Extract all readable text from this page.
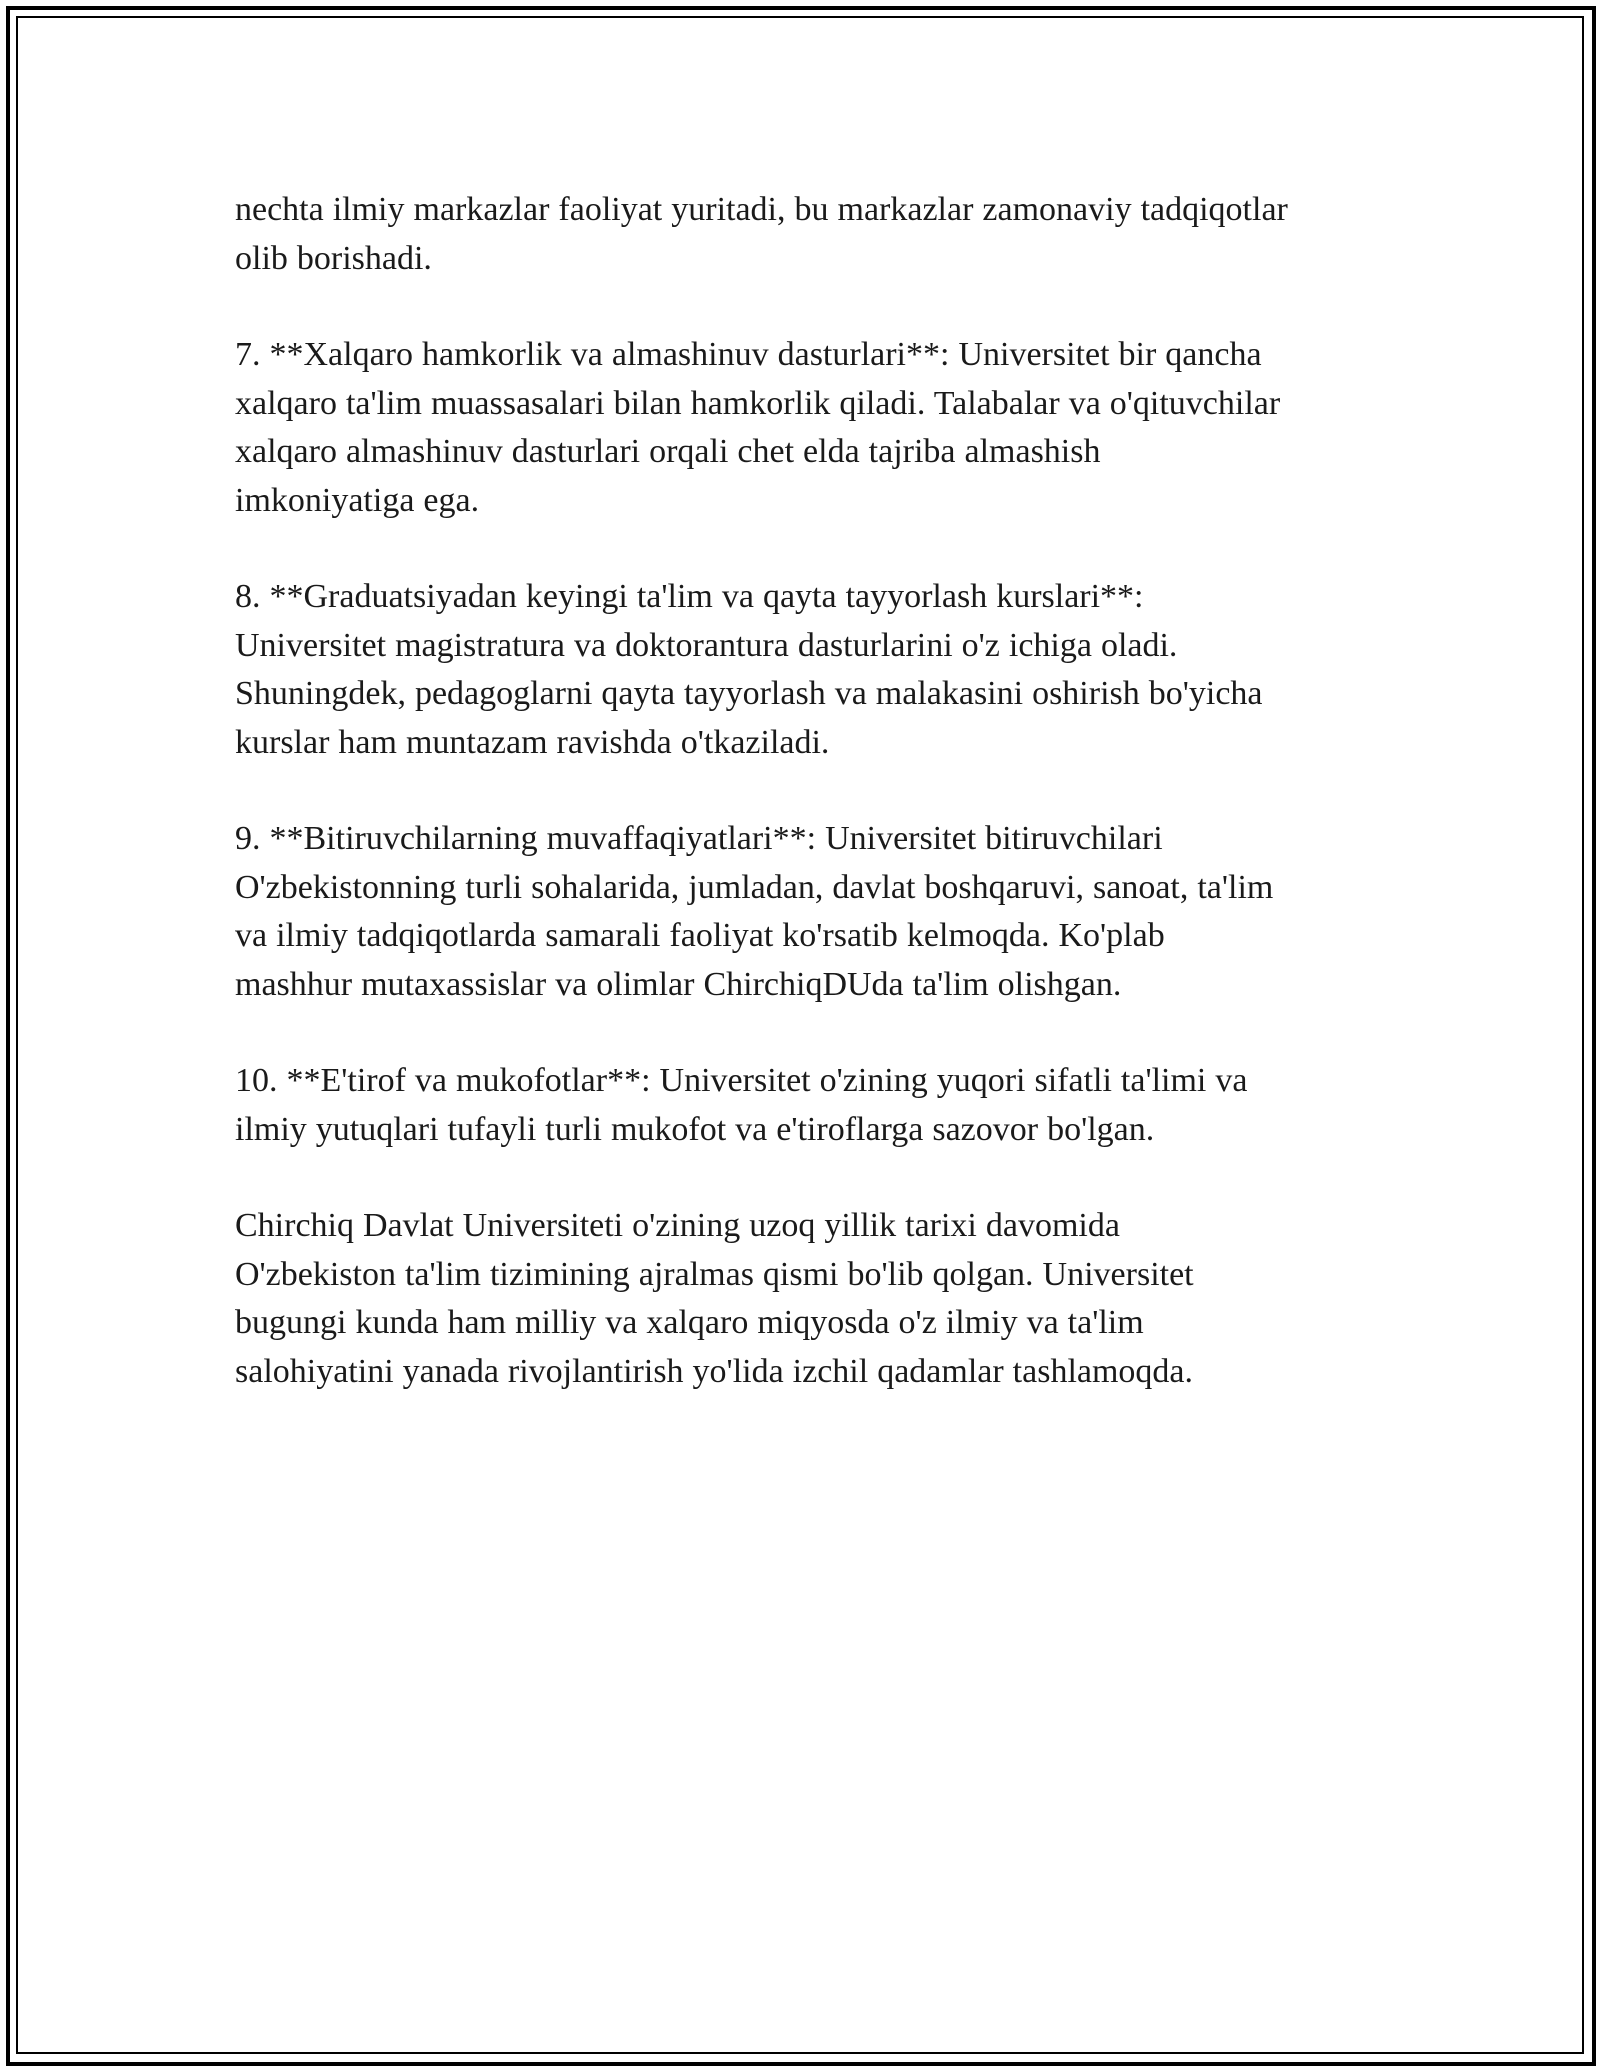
nechta ilmiy markazlar faoliyat yuritadi, bu markazlar zamonaviy tadqiqotlar
olib borishadi.

7. **Xalqaro hamkorlik va almashinuv dasturlari**: Universitet bir qancha
xalqaro ta'lim muassasalari bilan hamkorlik qiladi. Talabalar va o'qituvchilar
xalqaro almashinuv dasturlari orqali chet elda tajriba almashish
imkoniyatiga ega.

8. **Graduatsiyadan keyingi ta'lim va qayta tayyorlash kurslari**:
Universitet magistratura va doktorantura dasturlarini o'z ichiga oladi.
Shuningdek, pedagoglarni qayta tayyorlash va malakasini oshirish bo'yicha
kurslar ham muntazam ravishda o'tkaziladi.

9. **Bitiruvchilarning muvaffaqiyatlari**: Universitet bitiruvchilari
O'zbekistonning turli sohalarida, jumladan, davlat boshqaruvi, sanoat, ta'lim
va ilmiy tadqiqotlarda samarali faoliyat ko'rsatib kelmoqda. Ko'plab
mashhur mutaxassislar va olimlar ChirchiqDUda ta'lim olishgan.

10. **E'tirof va mukofotlar**: Universitet o'zining yuqori sifatli ta'limi va
ilmiy yutuqlari tufayli turli mukofot va e'tiroflarga sazovor bo'lgan.

Chirchiq Davlat Universiteti o'zining uzoq yillik tarixi davomida
O'zbekiston ta'lim tizimining ajralmas qismi bo'lib qolgan. Universitet
bugungi kunda ham milliy va xalqaro miqyosda o'z ilmiy va ta'lim
salohiyatini yanada rivojlantirish yo'lida izchil qadamlar tashlamoqda.
